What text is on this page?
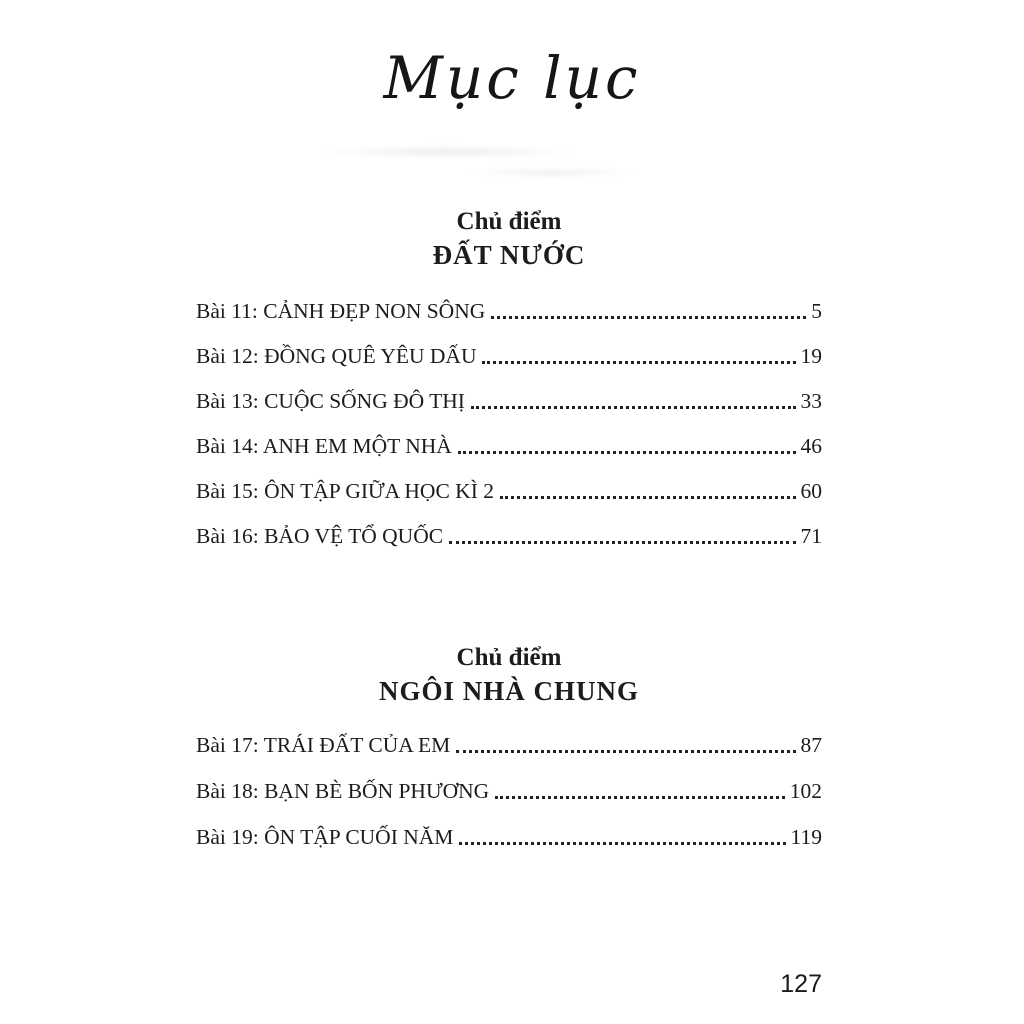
Mục lục
Chủ điểm
ĐẤT NƯỚC
Bài 11: CẢNH ĐẸP NON SÔNG	5
Bài 12: ĐỒNG QUÊ YÊU DẤU	19
Bài 13: CUỘC SỐNG ĐÔ THỊ	33
Bài 14: ANH EM MỘT NHÀ	46
Bài 15: ÔN TẬP GIỮA HỌC KÌ 2	60
Bài 16: BẢO VỆ TỔ QUỐC	71
Chủ điểm
NGÔI NHÀ CHUNG
Bài 17: TRÁI ĐẤT CỦA EM	87
Bài 18: BẠN BÈ BỐN PHƯƠNG	102
Bài 19: ÔN TẬP CUỐI NĂM	119
127
